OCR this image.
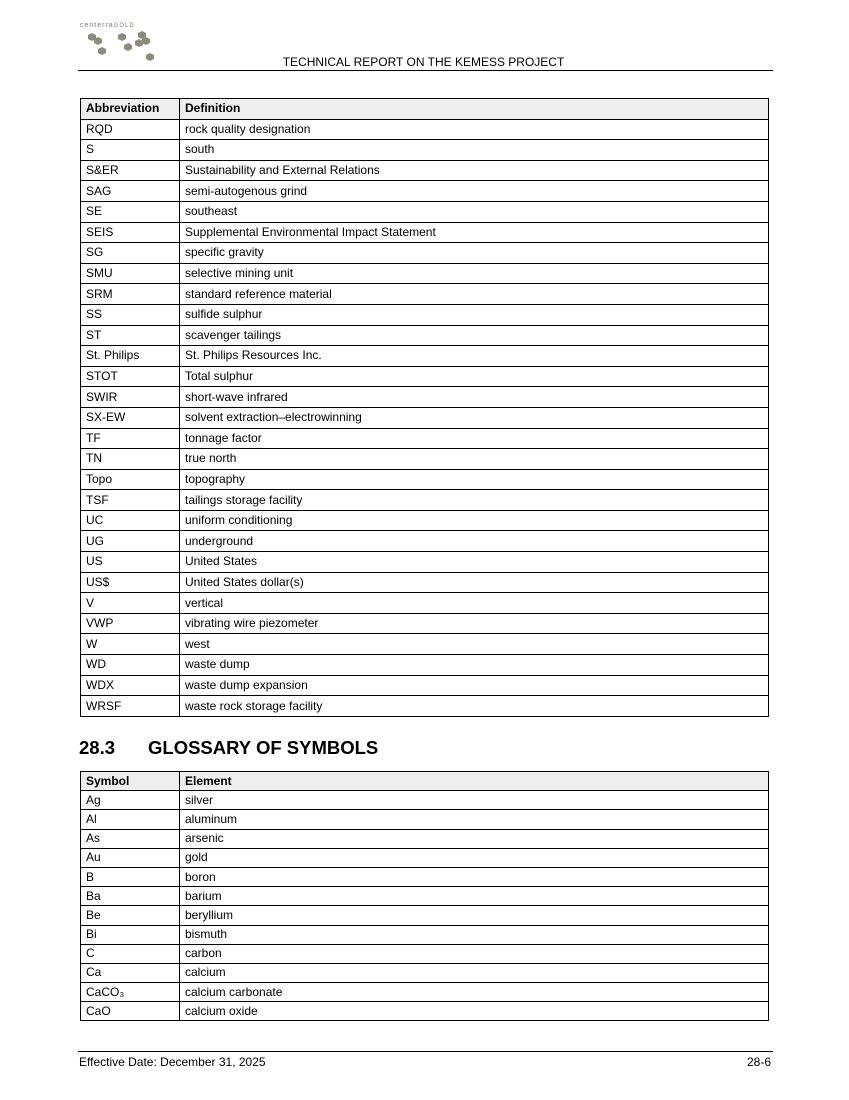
centerraGOLD
TECHNICAL REPORT ON THE KEMESS PROJECT
Abbreviation	Definition
RQD	rock quality designation
S	south
S&ER	Sustainability and External Relations
SAG	semi-autogenous grind
SE	southeast
SEIS	Supplemental Environmental Impact Statement
SG	specific gravity
SMU	selective mining unit
SRM	standard reference material
SS	sulfide sulphur
ST	scavenger tailings
St. Philips	St. Philips Resources Inc.
STOT	Total sulphur
SWIR	short-wave infrared
SX-EW	solvent extraction–electrowinning
TF	tonnage factor
TN	true north
Topo	topography
TSF	tailings storage facility
UC	uniform conditioning
UG	underground
US	United States
US$	United States dollar(s)
V	vertical
VWP	vibrating wire piezometer
W	west
WD	waste dump
WDX	waste dump expansion
WRSF	waste rock storage facility
28.3 GLOSSARY OF SYMBOLS
Symbol	Element
Ag	silver
Al	aluminum
As	arsenic
Au	gold
B	boron
Ba	barium
Be	beryllium
Bi	bismuth
C	carbon
Ca	calcium
CaCO₃	calcium carbonate
CaO	calcium oxide
Effective Date: December 31, 2025	28-6
